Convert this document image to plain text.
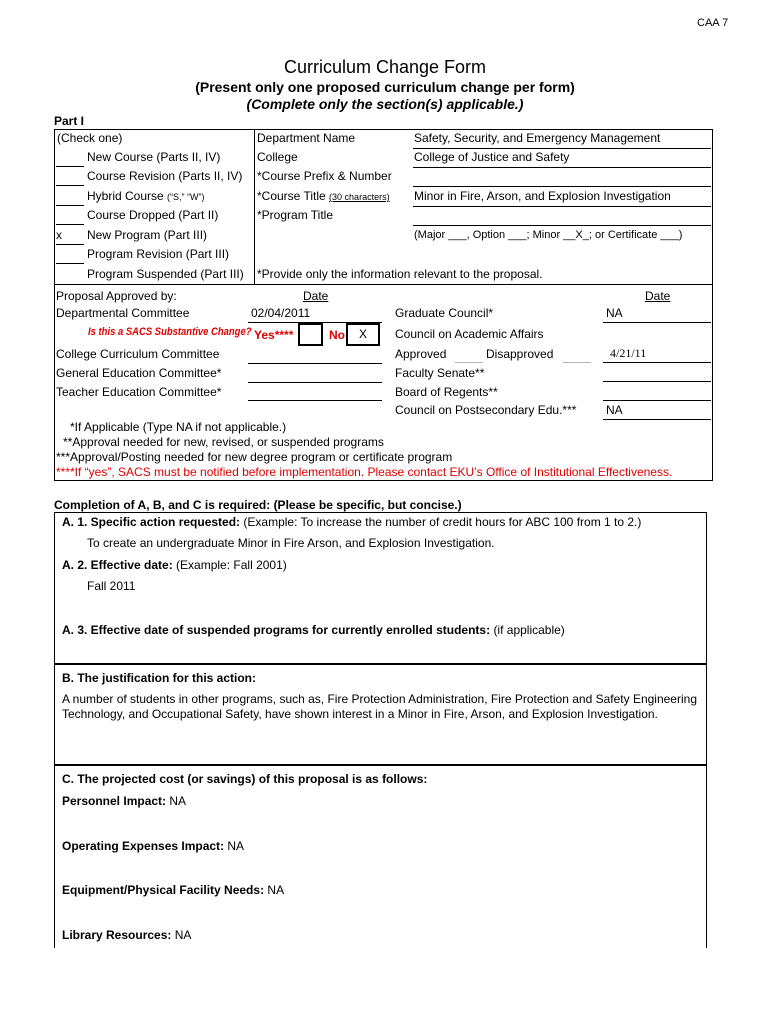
CAA 7
Curriculum Change Form
(Present only one proposed curriculum change per form)
(Complete only the section(s) applicable.)
Part I
(Check one)
New Course (Parts II, IV)
Course Revision (Parts II, IV)
Hybrid Course (“S,” “W”)
Course Dropped (Part II)
x New Program (Part III)
Program Revision (Part III)
Program Suspended (Part III)
Department Name	Safety, Security, and Emergency Management
College	College of Justice and Safety
*Course Prefix & Number
*Course Title (30 characters) Minor in Fire, Arson, and Explosion Investigation
*Program Title
(Major ___, Option ___; Minor __X_; or Certificate ___)
*Provide only the information relevant to the proposal.
Proposal Approved by:	Date	Date
Departmental Committee	02/04/2011	Graduate Council*	NA
Is this a SACS Substantive Change? Yes****	No	X	Council on Academic Affairs
College Curriculum Committee	Approved	Disapproved	4/21/11
General Education Committee*	Faculty Senate**
Teacher Education Committee*	Board of Regents**
Council on Postsecondary Edu.*** NA
*If Applicable (Type NA if not applicable.)
**Approval needed for new, revised, or suspended programs
***Approval/Posting needed for new degree program or certificate program
****If “yes”, SACS must be notified before implementation. Please contact EKU’s Office of Institutional Effectiveness.
Completion of A, B, and C is required: (Please be specific, but concise.)
A. 1. Specific action requested: (Example: To increase the number of credit hours for ABC 100 from 1 to 2.)
To create an undergraduate Minor in Fire Arson, and Explosion Investigation.
A. 2. Effective date: (Example: Fall 2001)
Fall 2011
A. 3. Effective date of suspended programs for currently enrolled students: (if applicable)
B. The justification for this action:
A number of students in other programs, such as, Fire Protection Administration, Fire Protection and Safety Engineering Technology, and Occupational Safety, have shown interest in a Minor in Fire, Arson, and Explosion Investigation.
C. The projected cost (or savings) of this proposal is as follows:
Personnel Impact: NA
Operating Expenses Impact: NA
Equipment/Physical Facility Needs: NA
Library Resources: NA
